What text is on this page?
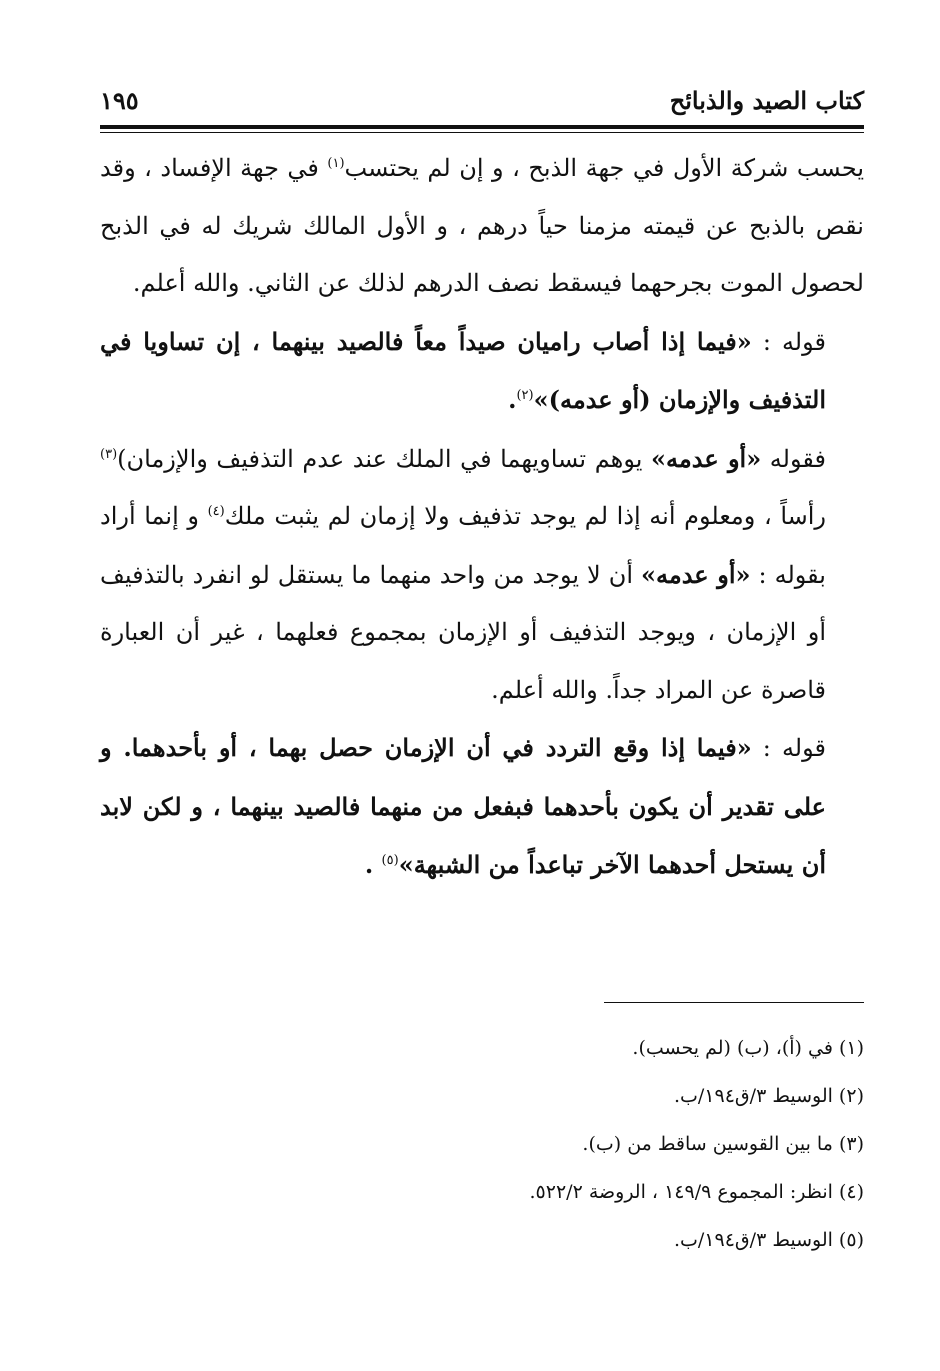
كتاب الصيد والذبائح
١٩٥

يحسب شركة الأول في جهة الذبح ، و إن لم يحتسب$^{(١)}$ في جهة الإفساد ، وقد نقص بالذبح عن قيمته مزمنا حياً درهم ، و الأول المالك شريك له في الذبح لحصول الموت بجرحهما فيسقط نصف الدرهم لذلك عن الثاني. والله أعلم.

قوله : «فيما إذا أصاب راميان صيداً معاً فالصيد بينهما ، إن تساويا في التذفيف والإزمان (أو عدمه)»$^{(٢)}$.

فقوله «أو عدمه» يوهم تساويهما في الملك عند عدم التذفيف والإزمان)$^{(٣)}$ رأساً ، ومعلوم أنه إذا لم يوجد تذفيف ولا إزمان لم يثبت ملك$^{(٤)}$ و إنما أراد بقوله : «أو عدمه» أن لا يوجد من واحد منهما ما يستقل لو انفرد بالتذفيف أو الإزمان ، ويوجد التذفيف أو الإزمان بمجموع فعلهما ، غير أن العبارة قاصرة عن المراد جداً. والله أعلم.

قوله : «فيما إذا وقع التردد في أن الإزمان حصل بهما ، أو بأحدهما. و على تقدير أن يكون بأحدهما فبفعل من منهما فالصيد بينهما ، و لكن لابد أن يستحل أحدهما الآخر تباعداً من الشبهة»$^{(٥)}$ .

(١) في (أ)، (ب) (لم يحسب).
(٢) الوسيط ٣/ق١٩٤/ب.
(٣) ما بين القوسين ساقط من (ب).
(٤) انظر: المجموع ١٤٩/٩ ، الروضة ٥٢٢/٢.
(٥) الوسيط ٣/ق١٩٤/ب.
